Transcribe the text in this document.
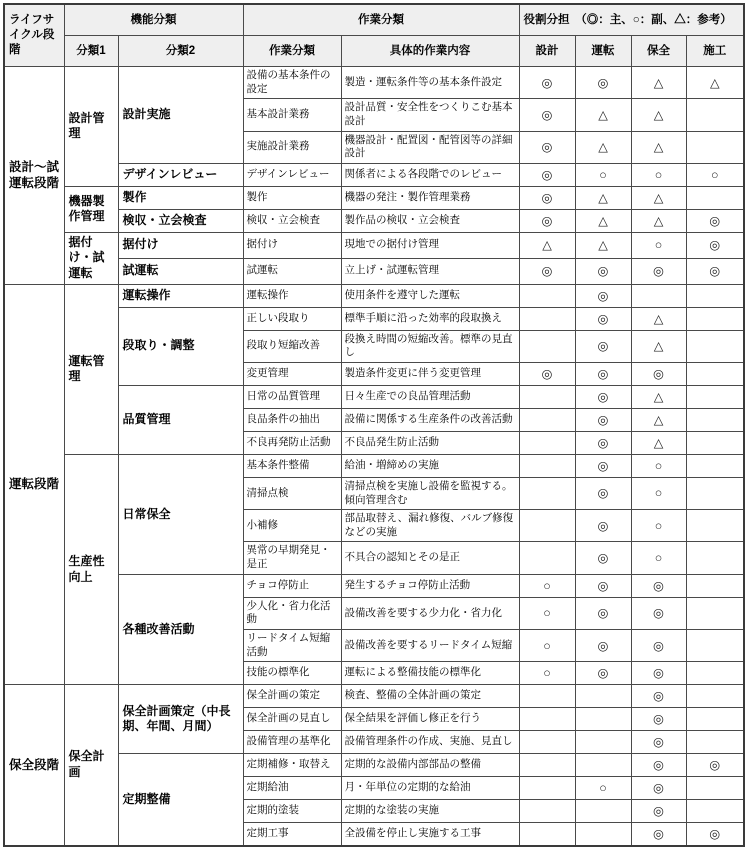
ライフサイクル段階	機能分類		作業分類		役割分担　（◎：主、○：副、△：参考）			
	分類1	分類2	作業分類	具体的作業内容	設計	運転	保全	施工
設計～試運転段階	設計管理	設計実施	設備の基本条件の設定	製造・運転条件等の基本条件設定	◎	◎	△	△
			基本設計業務	設計品質・安全性をつくりこむ基本設計	◎	△	△	
			実施設計業務	機器設計・配置図・配管図等の詳細設計	◎	△	△	
		デザインレビュー	デザインレビュー	関係者による各段階でのレビュー	◎	○	○	○
	機器製作管理	製作	製作	機器の発注・製作管理業務	◎	△	△	
		検収・立会検査	検収・立会検査	製作品の検収・立会検査	◎	△	△	◎
	据付け・試運転	据付け	据付け	現地での据付け管理	△	△	○	◎
		試運転	試運転	立上げ・試運転管理	◎	◎	◎	◎
運転段階	運転管理	運転操作	運転操作	使用条件を遵守した運転		◎		
		段取り・調整	正しい段取り	標準手順に沿った効率的段取換え		◎	△	
			段取り短縮改善	段換え時間の短縮改善。標準の見直し		◎	△	
			変更管理	製造条件変更に伴う変更管理	◎	◎	◎	
		品質管理	日常の品質管理	日々生産での良品管理活動		◎	△	
			良品条件の抽出	設備に関係する生産条件の改善活動		◎	△	
			不良再発防止活動	不良品発生防止活動		◎	△	
	生産性向上	日常保全	基本条件整備	給油・増締めの実施		◎	○	
			清掃点検	清掃点検を実施し設備を監視する。傾向管理含む		◎	○	
			小補修	部品取替え、漏れ修復、バルブ修復などの実施		◎	○	
			異常の早期発見・是正	不具合の認知とその是正		◎	○	
		各種改善活動	チョコ停防止	発生するチョコ停防止活動	○	◎	◎	
			少人化・省力化活動	設備改善を要する少力化・省力化	○	◎	◎	
			リードタイム短縮活動	設備改善を要するリードタイム短縮	○	◎	◎	
			技能の標準化	運転による整備技能の標準化	○	◎	◎	
保全段階	保全計画	保全計画策定（中長期、年間、月間）	保全計画の策定	検査、整備の全体計画の策定			◎	
			保全計画の見直し	保全結果を評価し修正を行う			◎	
			設備管理の基準化	設備管理条件の作成、実施、見直し			◎	
		定期整備	定期補修・取替え	定期的な設備内部部品の整備			◎	◎
			定期給油	月・年単位の定期的な給油		○	◎	
			定期的塗装	定期的な塗装の実施			◎	
			定期工事	全設備を停止し実施する工事			◎	◎
